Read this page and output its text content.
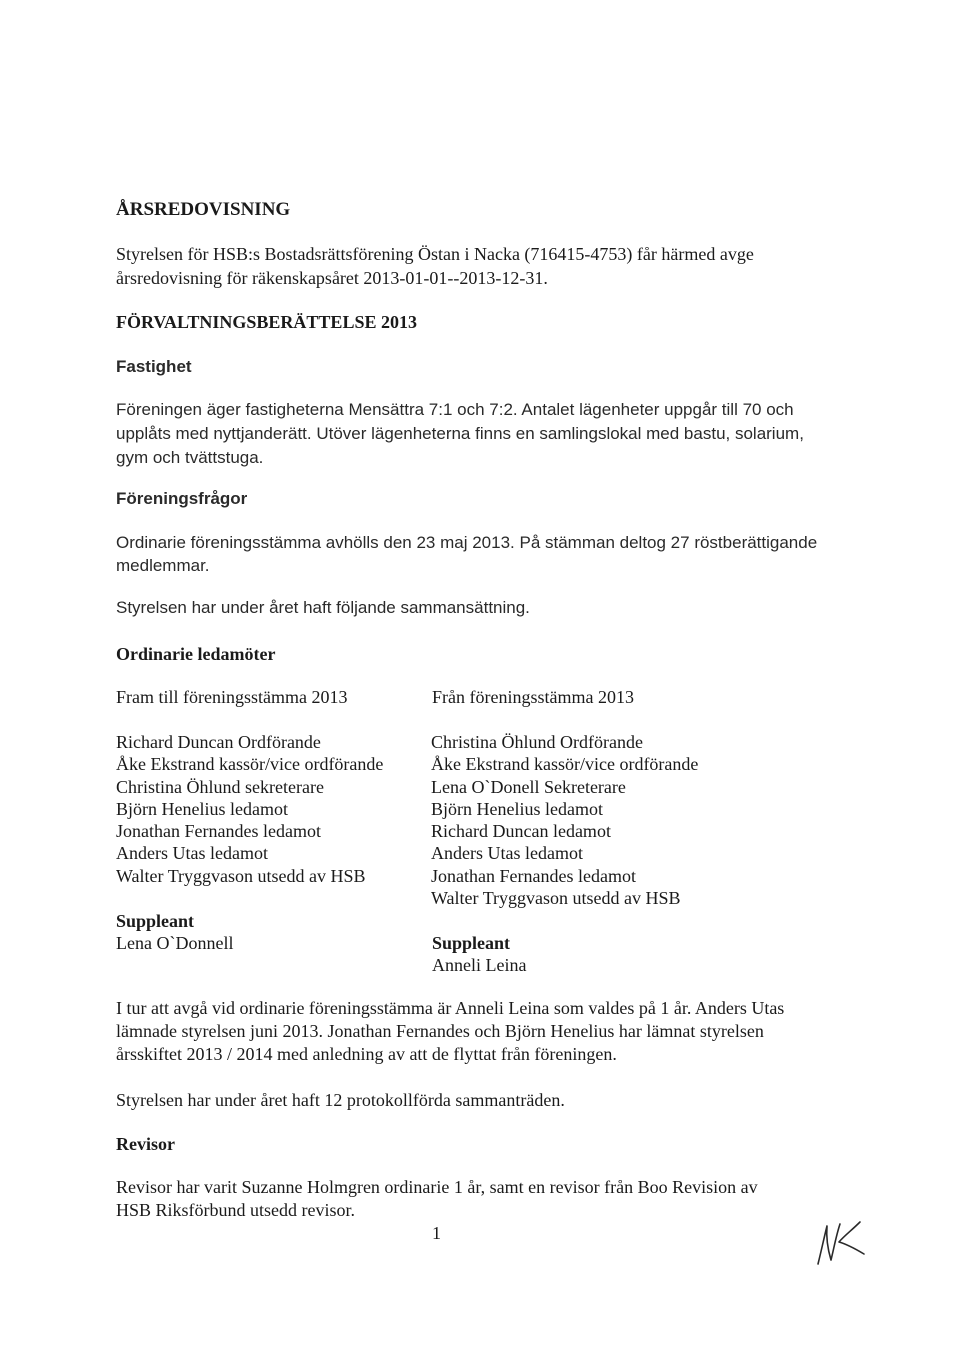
ÅRSREDOVISNING
Styrelsen för HSB:s Bostadsrättsförening Östan i Nacka (716415-4753) får härmed avge
årsredovisning för räkenskapsåret 2013-01-01--2013-12-31.
FÖRVALTNINGSBERÄTTELSE 2013
Fastighet
Föreningen äger fastigheterna Mensättra 7:1 och 7:2. Antalet lägenheter uppgår till 70 och
upplåts med nyttjanderätt. Utöver lägenheterna finns en samlingslokal med bastu, solarium,
gym och tvättstuga.
Föreningsfrågor
Ordinarie föreningsstämma avhölls den 23 maj 2013. På stämman deltog 27 röstberättigande
medlemmar.
Styrelsen har under året haft följande sammansättning.
Ordinarie ledamöter
Fram till föreningsstämma 2013	Från föreningsstämma 2013
Richard Duncan Ordförande
Åke Ekstrand kassör/vice ordförande
Christina Öhlund sekreterare
Björn Henelius ledamot
Jonathan Fernandes ledamot
Anders Utas ledamot
Walter Tryggvason utsedd av HSB
Christina Öhlund Ordförande
Åke Ekstrand kassör/vice ordförande
Lena O`Donell Sekreterare
Björn Henelius ledamot
Richard Duncan ledamot
Anders Utas ledamot
Jonathan Fernandes ledamot
Walter Tryggvason utsedd av HSB
Suppleant
Lena O`Donnell	Suppleant
Anneli Leina
I tur att avgå vid ordinarie föreningsstämma är Anneli Leina som valdes på 1 år. Anders Utas
lämnade styrelsen juni 2013. Jonathan Fernandes och Björn Henelius har lämnat styrelsen
årsskiftet 2013 / 2014 med anledning av att de flyttat från föreningen.
Styrelsen har under året haft 12 protokollförda sammanträden.
Revisor
Revisor har varit Suzanne Holmgren ordinarie 1 år, samt en revisor från Boo Revision av
HSB Riksförbund utsedd revisor.
1
